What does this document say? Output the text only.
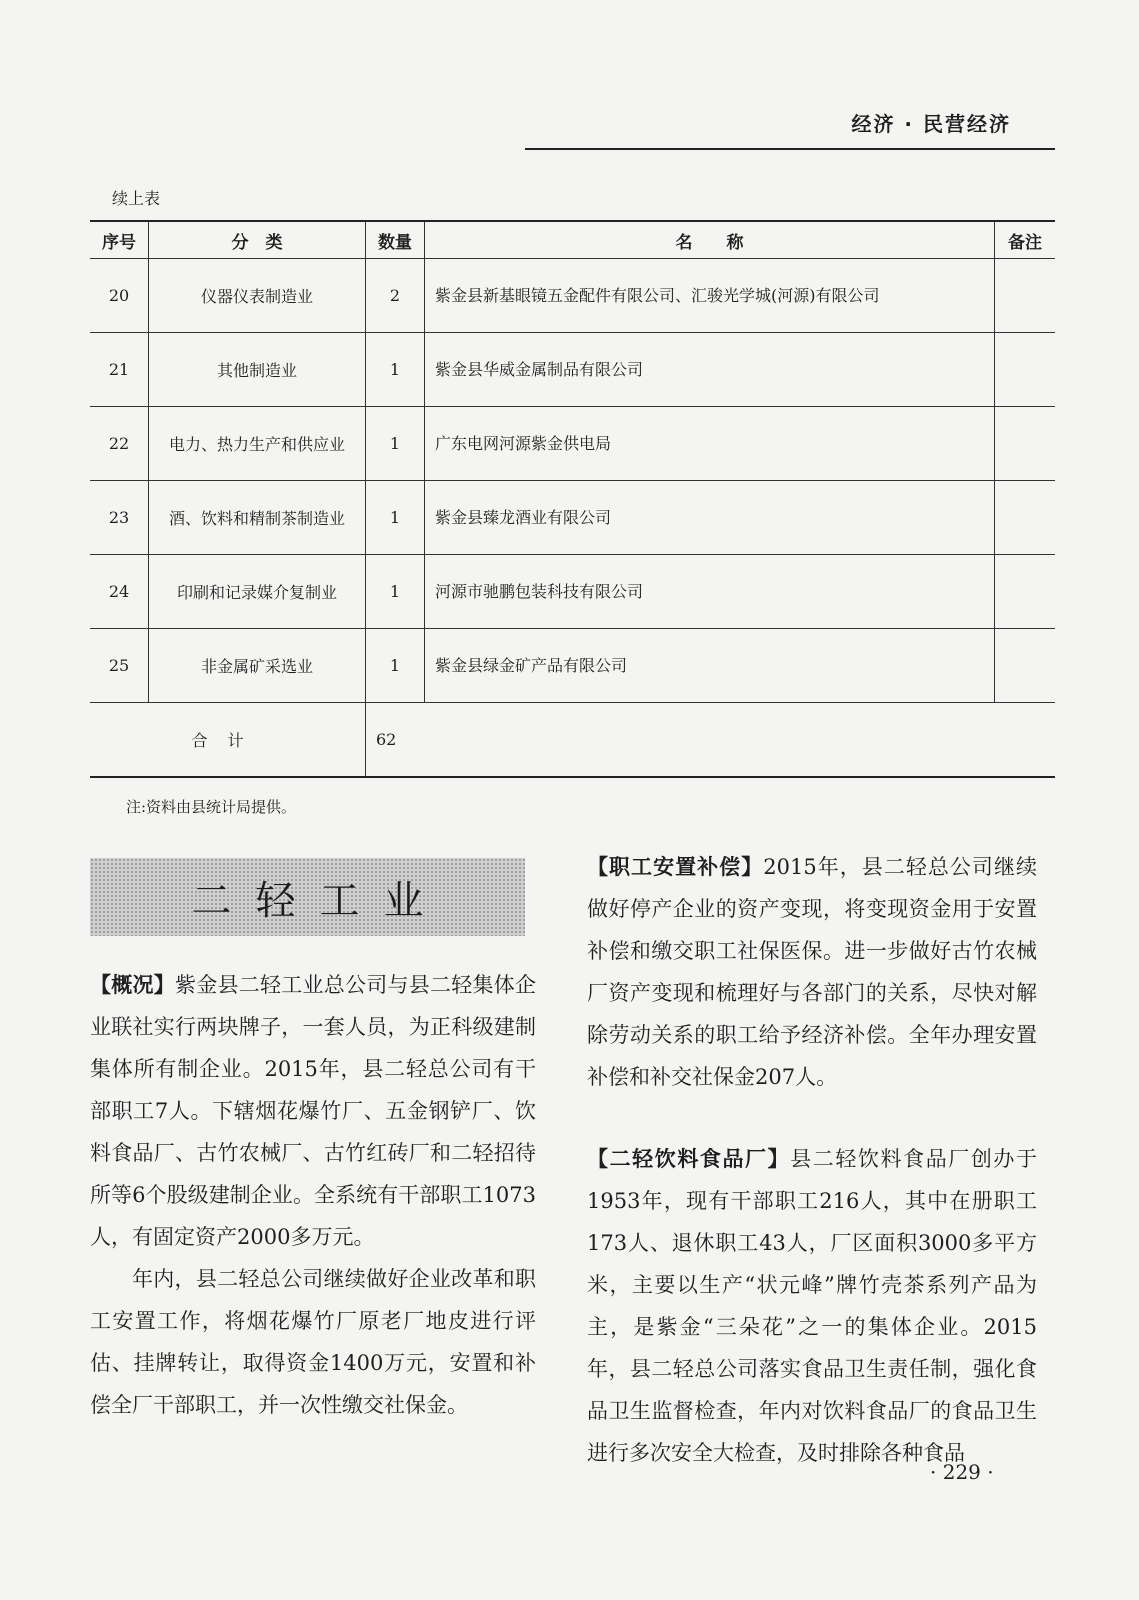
经济 · 民营经济
续上表
序号	分　类	数量	名　　称	备注
20	仪器仪表制造业	2	紫金县新基眼镜五金配件有限公司、汇骏光学城(河源)有限公司	
21	其他制造业	1	紫金县华威金属制品有限公司	
22	电力、热力生产和供应业	1	广东电网河源紫金供电局	
23	酒、饮料和精制茶制造业	1	紫金县臻龙酒业有限公司	
24	印刷和记录媒介复制业	1	河源市驰鹏包装科技有限公司	
25	非金属矿采选业	1	紫金县绿金矿产品有限公司	
合计		62		
注:资料由县统计局提供。
二轻工业

【概况】紫金县二轻工业总公司与县二轻集体企业联社实行两块牌子，一套人员，为正科级建制集体所有制企业。2015年，县二轻总公司有干部职工7人。下辖烟花爆竹厂、五金钢铲厂、饮料食品厂、古竹农械厂、古竹红砖厂和二轻招待所等6个股级建制企业。全系统有干部职工1073人，有固定资产2000多万元。

年内，县二轻总公司继续做好企业改革和职工安置工作，将烟花爆竹厂原老厂地皮进行评估、挂牌转让，取得资金1400万元，安置和补偿全厂干部职工，并一次性缴交社保金。

【职工安置补偿】2015年，县二轻总公司继续做好停产企业的资产变现，将变现资金用于安置补偿和缴交职工社保医保。进一步做好古竹农械厂资产变现和梳理好与各部门的关系，尽快对解除劳动关系的职工给予经济补偿。全年办理安置补偿和补交社保金207人。

【二轻饮料食品厂】县二轻饮料食品厂创办于1953年，现有干部职工216人，其中在册职工173人、退休职工43人，厂区面积3000多平方米，主要以生产“状元峰”牌竹壳茶系列产品为主，是紫金“三朵花”之一的集体企业。2015年，县二轻总公司落实食品卫生责任制，强化食品卫生监督检查，年内对饮料食品厂的食品卫生进行多次安全大检查，及时排除各种食品

· 229 ·
